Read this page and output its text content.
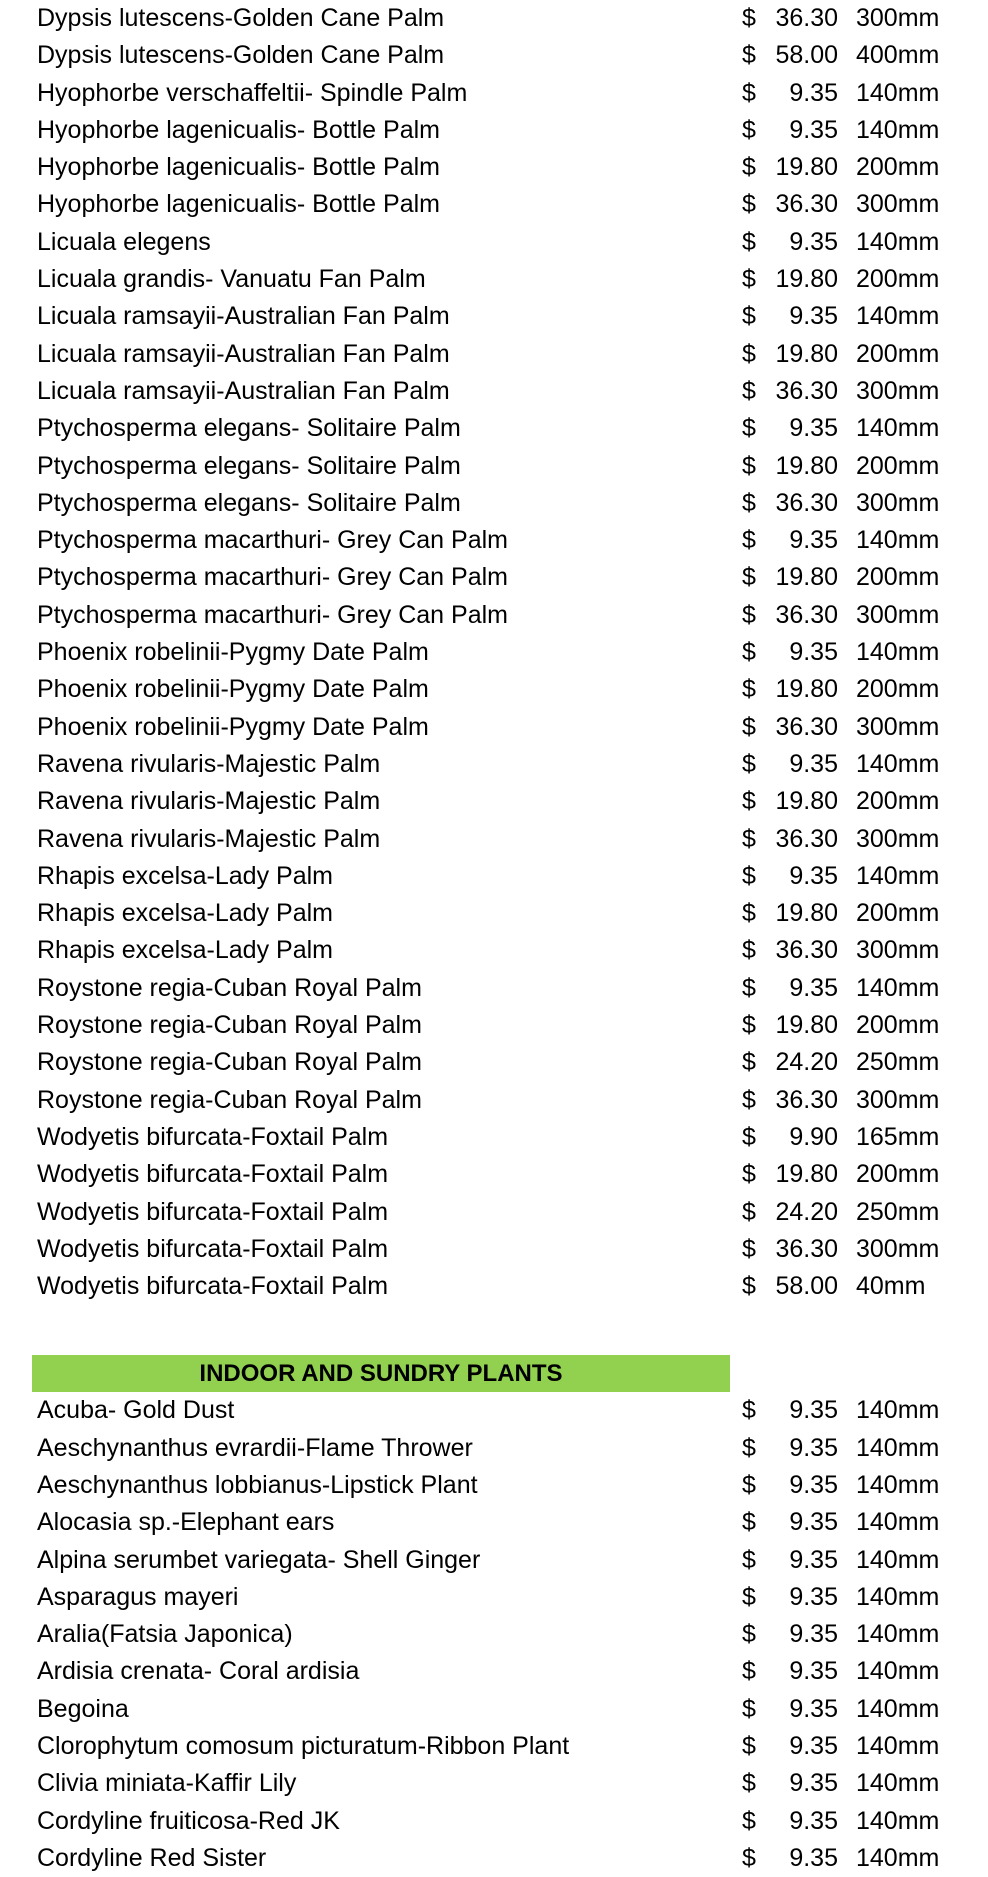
Dypsis lutescens-Golden Cane Palm	$ 36.30 300mm
Dypsis lutescens-Golden Cane Palm	$ 58.00 400mm
Hyophorbe verschaffeltii- Spindle Palm	$	9.35 140mm
Hyophorbe lagenicualis- Bottle Palm	$	9.35 140mm
Hyophorbe lagenicualis- Bottle Palm	$ 19.80 200mm
Hyophorbe lagenicualis- Bottle Palm	$ 36.30 300mm
Licuala elegens	$	9.35 140mm
Licuala grandis- Vanuatu Fan Palm	$ 19.80 200mm
Licuala ramsayii-Australian Fan Palm	$	9.35 140mm
Licuala ramsayii-Australian Fan Palm	$ 19.80 200mm
Licuala ramsayii-Australian Fan Palm	$ 36.30 300mm
Ptychosperma elegans- Solitaire Palm	$	9.35 140mm
Ptychosperma elegans- Solitaire Palm	$ 19.80 200mm
Ptychosperma elegans- Solitaire Palm	$ 36.30 300mm
Ptychosperma macarthuri- Grey Can Palm	$	9.35 140mm
Ptychosperma macarthuri- Grey Can Palm	$ 19.80 200mm
Ptychosperma macarthuri- Grey Can Palm	$ 36.30 300mm
Phoenix robelinii-Pygmy Date Palm	$	9.35 140mm
Phoenix robelinii-Pygmy Date Palm	$ 19.80 200mm
Phoenix robelinii-Pygmy Date Palm	$ 36.30 300mm
Ravena rivularis-Majestic Palm	$	9.35 140mm
Ravena rivularis-Majestic Palm	$ 19.80 200mm
Ravena rivularis-Majestic Palm	$ 36.30 300mm
Rhapis excelsa-Lady Palm	$	9.35 140mm
Rhapis excelsa-Lady Palm	$ 19.80 200mm
Rhapis excelsa-Lady Palm	$ 36.30 300mm
Roystone regia-Cuban Royal Palm	$	9.35 140mm
Roystone regia-Cuban Royal Palm	$ 19.80 200mm
Roystone regia-Cuban Royal Palm	$ 24.20 250mm
Roystone regia-Cuban Royal Palm	$ 36.30 300mm
Wodyetis bifurcata-Foxtail Palm	$	9.90 165mm
Wodyetis bifurcata-Foxtail Palm	$ 19.80 200mm
Wodyetis bifurcata-Foxtail Palm	$ 24.20 250mm
Wodyetis bifurcata-Foxtail Palm	$ 36.30 300mm
Wodyetis bifurcata-Foxtail Palm	$ 58.00 40mm
INDOOR AND SUNDRY PLANTS
Acuba- Gold Dust	$	9.35 140mm
Aeschynanthus evrardii-Flame Thrower	$	9.35 140mm
Aeschynanthus lobbianus-Lipstick Plant	$	9.35 140mm
Alocasia sp.-Elephant ears	$	9.35 140mm
Alpina serumbet variegata- Shell Ginger	$	9.35 140mm
Asparagus mayeri	$	9.35 140mm
Aralia(Fatsia Japonica)	$	9.35 140mm
Ardisia crenata- Coral ardisia	$	9.35 140mm
Begoina	$	9.35 140mm
Clorophytum comosum picturatum-Ribbon Plant	$	9.35 140mm
Clivia miniata-Kaffir Lily	$	9.35 140mm
Cordyline fruiticosa-Red JK	$	9.35 140mm
Cordyline Red Sister	$	9.35 140mm
